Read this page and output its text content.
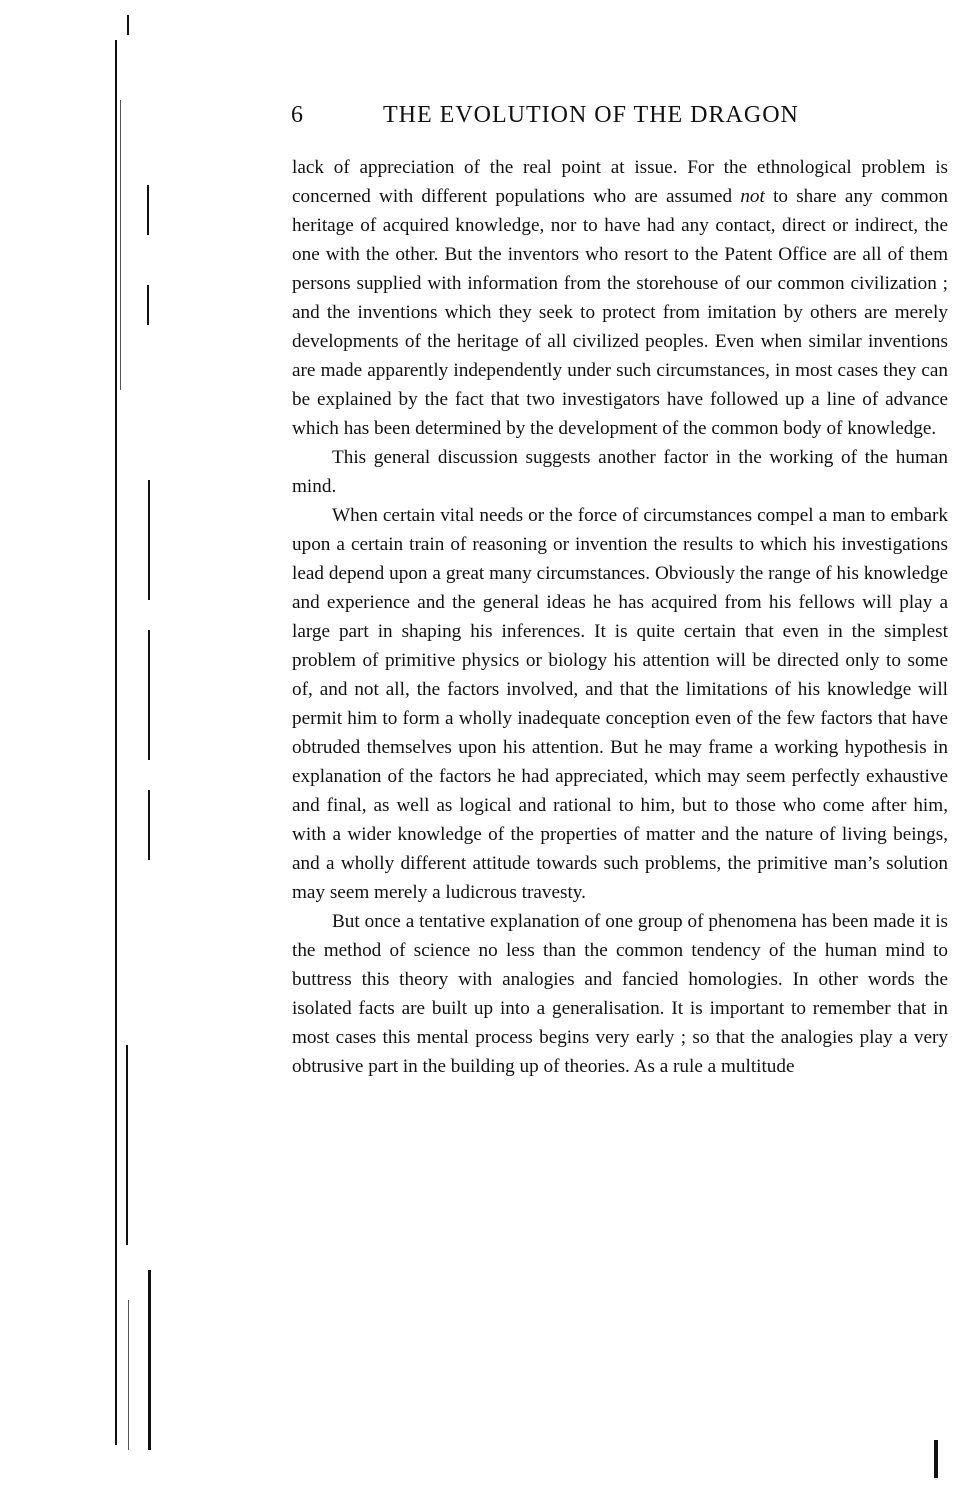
6	THE EVOLUTION OF THE DRAGON

lack of appreciation of the real point at issue. For the ethnological problem is concerned with different populations who are assumed not to share any common heritage of acquired knowledge, nor to have had any contact, direct or indirect, the one with the other. But the inventors who resort to the Patent Office are all of them persons supplied with information from the storehouse of our common civilization ; and the inventions which they seek to protect from imitation by others are merely developments of the heritage of all civilized peoples. Even when similar inventions are made apparently independently under such circumstances, in most cases they can be explained by the fact that two investigators have followed up a line of advance which has been determined by the development of the common body of knowledge.

This general discussion suggests another factor in the working of the human mind.

When certain vital needs or the force of circumstances compel a man to embark upon a certain train of reasoning or invention the results to which his investigations lead depend upon a great many circumstances. Obviously the range of his knowledge and experience and the general ideas he has acquired from his fellows will play a large part in shaping his inferences. It is quite certain that even in the simplest problem of primitive physics or biology his attention will be directed only to some of, and not all, the factors involved, and that the limitations of his knowledge will permit him to form a wholly inadequate conception even of the few factors that have obtruded themselves upon his attention. But he may frame a working hypothesis in explanation of the factors he had appreciated, which may seem perfectly exhaustive and final, as well as logical and rational to him, but to those who come after him, with a wider knowledge of the properties of matter and the nature of living beings, and a wholly different attitude towards such problems, the primitive man’s solution may seem merely a ludicrous travesty.

But once a tentative explanation of one group of phenomena has been made it is the method of science no less than the common tendency of the human mind to buttress this theory with analogies and fancied homologies. In other words the isolated facts are built up into a generalisation. It is important to remember that in most cases this mental process begins very early ; so that the analogies play a very obtrusive part in the building up of theories. As a rule a multitude
